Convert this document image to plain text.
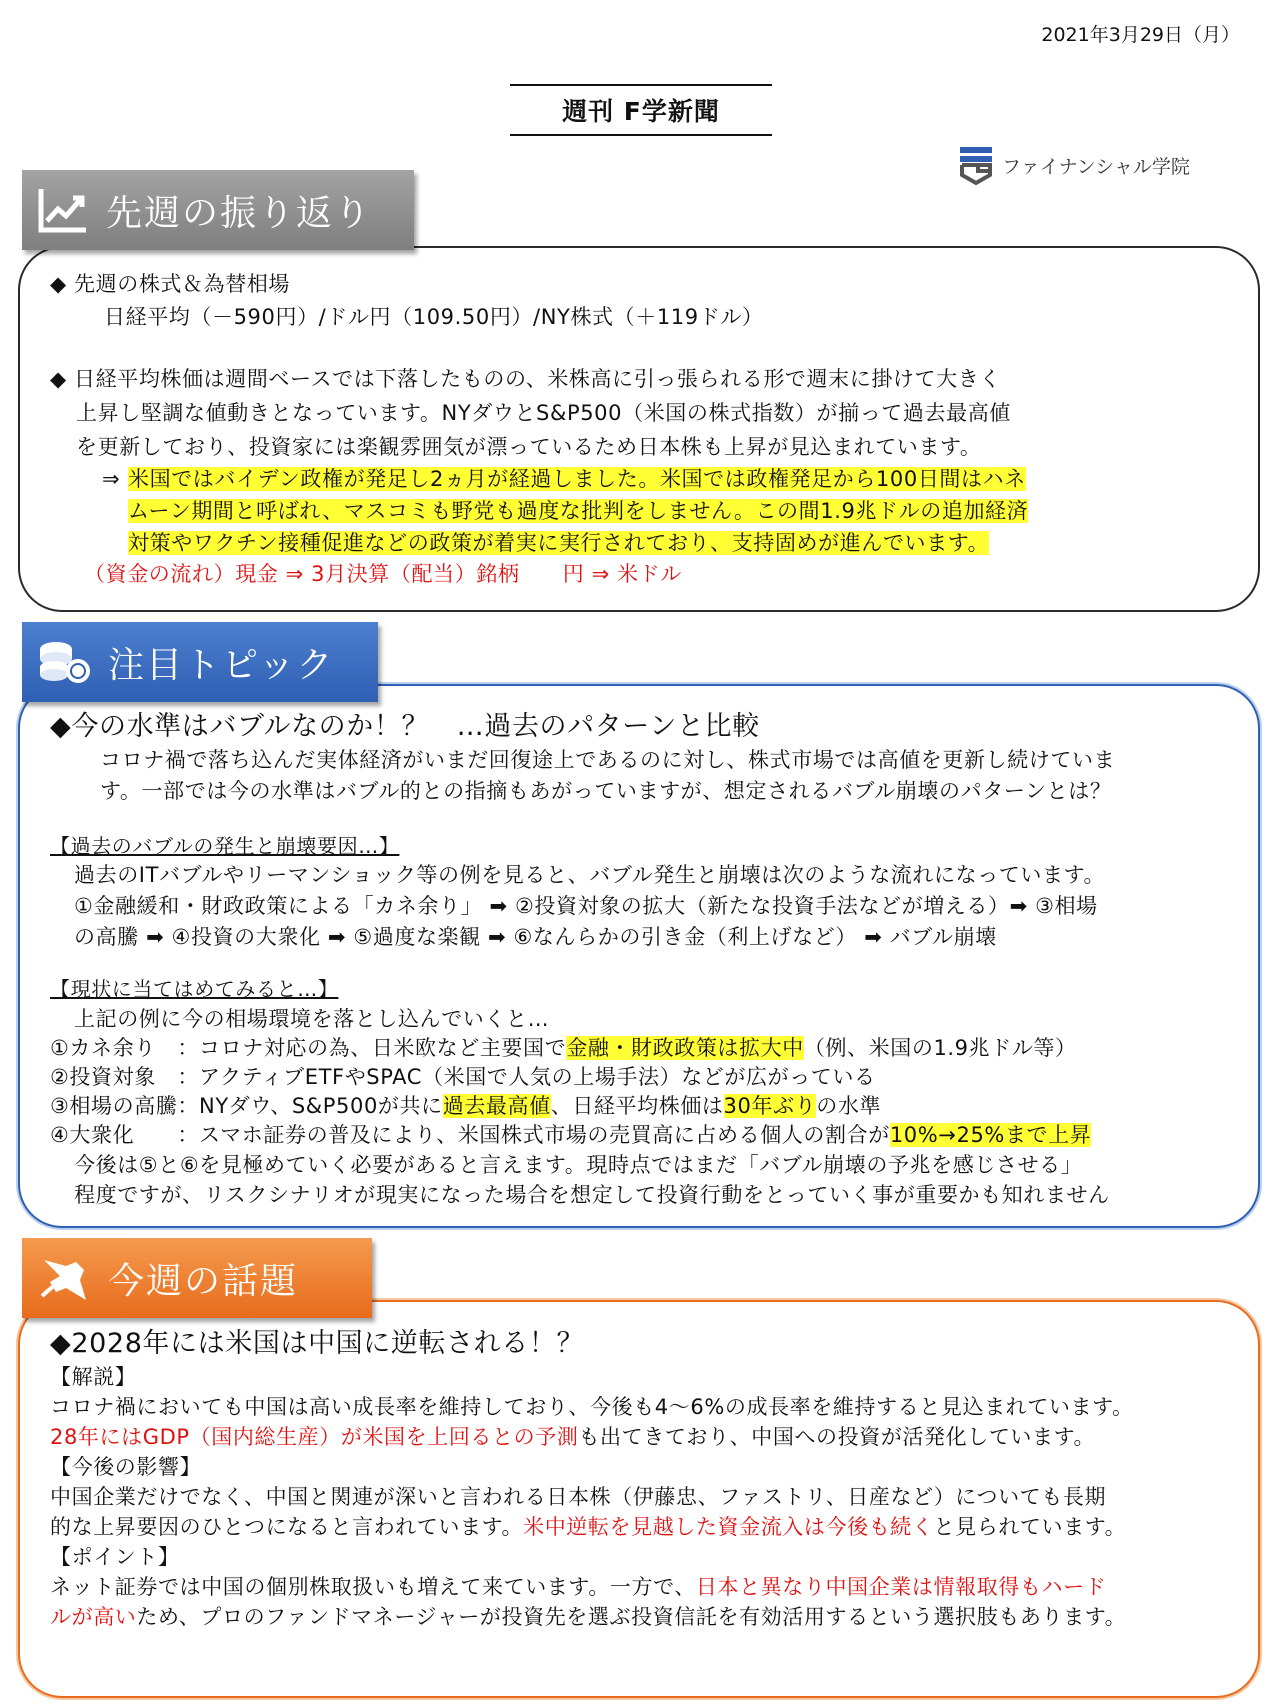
2021年3月29日（月）
週刊 F学新聞
ファイナンシャル学院
先週の振り返り
◆ 先週の株式＆為替相場
日経平均（－590円）/ドル円（109.50円）/NY株式（＋119ドル）
◆ 日経平均株価は週間ベースでは下落したものの、米株高に引っ張られる形で週末に掛けて大きく
上昇し堅調な値動きとなっています。NYダウとS&P500（米国の株式指数）が揃って過去最高値
を更新しており、投資家には楽観雰囲気が漂っているため日本株も上昇が見込まれています。
⇒ 米国ではバイデン政権が発足し2ヵ月が経過しました。米国では政権発足から100日間はハネ
ムーン期間と呼ばれ、マスコミも野党も過度な批判をしません。この間1.9兆ドルの追加経済
対策やワクチン接種促進などの政策が着実に実行されており、支持固めが進んでいます。
（資金の流れ）現金 ⇒ 3月決算（配当）銘柄　　円 ⇒ 米ドル
注目トピック
◆今の水準はバブルなのか！？　…過去のパターンと比較
コロナ禍で落ち込んだ実体経済がいまだ回復途上であるのに対し、株式市場では高値を更新し続けていま
す。一部では今の水準はバブル的との指摘もあがっていますが、想定されるバブル崩壊のパターンとは？
【過去のバブルの発生と崩壊要因…】
過去のITバブルやリーマンショック等の例を見ると、バブル発生と崩壊は次のような流れになっています。
①金融緩和・財政政策による「カネ余り」 ➡ ②投資対象の拡大（新たな投資手法などが増える）➡ ③相場
の高騰 ➡ ④投資の大衆化 ➡ ⑤過度な楽観 ➡ ⑥なんらかの引き金（利上げなど） ➡ バブル崩壊
【現状に当てはめてみると…】
上記の例に今の相場環境を落とし込んでいくと…
①カネ余り　：コロナ対応の為、日米欧など主要国で金融・財政政策は拡大中（例、米国の1.9兆ドル等）
②投資対象　：アクティブETFやSPAC（米国で人気の上場手法）などが広がっている
③相場の高騰：NYダウ、S&P500が共に過去最高値、日経平均株価は30年ぶりの水準
④大衆化　　：スマホ証券の普及により、米国株式市場の売買高に占める個人の割合が10%→25%まで上昇
今後は⑤と⑥を見極めていく必要があると言えます。現時点ではまだ「バブル崩壊の予兆を感じさせる」
程度ですが、リスクシナリオが現実になった場合を想定して投資行動をとっていく事が重要かも知れません
今週の話題
◆2028年には米国は中国に逆転される！？
【解説】
コロナ禍においても中国は高い成長率を維持しており、今後も4～6%の成長率を維持すると見込まれています。
28年にはGDP（国内総生産）が米国を上回るとの予測も出てきており、中国への投資が活発化しています。
【今後の影響】
中国企業だけでなく、中国と関連が深いと言われる日本株（伊藤忠、ファストリ、日産など）についても長期
的な上昇要因のひとつになると言われています。米中逆転を見越した資金流入は今後も続くと見られています。
【ポイント】
ネット証券では中国の個別株取扱いも増えて来ています。一方で、日本と異なり中国企業は情報取得もハード
ルが高いため、プロのファンドマネージャーが投資先を選ぶ投資信託を有効活用するという選択肢もあります。
